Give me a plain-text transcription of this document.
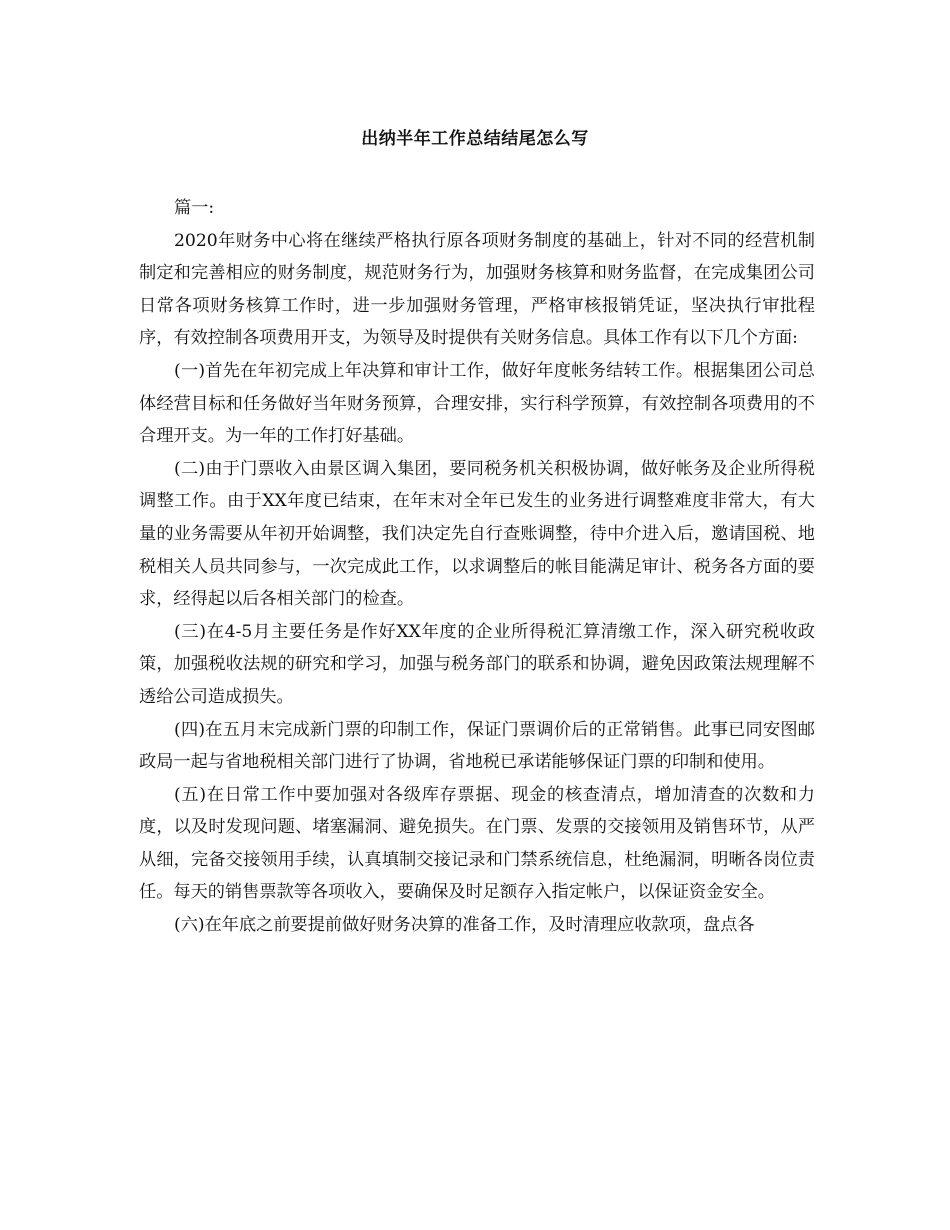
出纳半年工作总结结尾怎么写

篇一:

2020年财务中心将在继续严格执行原各项财务制度的基础上，针对不同的经营机制制定和完善相应的财务制度，规范财务行为，加强财务核算和财务监督，在完成集团公司日常各项财务核算工作时，进一步加强财务管理，严格审核报销凭证，坚决执行审批程序，有效控制各项费用开支，为领导及时提供有关财务信息。具体工作有以下几个方面:

(一)首先在年初完成上年决算和审计工作，做好年度帐务结转工作。根据集团公司总体经营目标和任务做好当年财务预算，合理安排，实行科学预算，有效控制各项费用的不合理开支。为一年的工作打好基础。

(二)由于门票收入由景区调入集团，要同税务机关积极协调，做好帐务及企业所得税调整工作。由于XX年度已结束，在年末对全年已发生的业务进行调整难度非常大，有大量的业务需要从年初开始调整，我们决定先自行查账调整，待中介进入后，邀请国税、地税相关人员共同参与，一次完成此工作，以求调整后的帐目能满足审计、税务各方面的要求，经得起以后各相关部门的检查。

(三)在4-5月主要任务是作好XX年度的企业所得税汇算清缴工作，深入研究税收政策，加强税收法规的研究和学习，加强与税务部门的联系和协调，避免因政策法规理解不透给公司造成损失。

(四)在五月末完成新门票的印制工作，保证门票调价后的正常销售。此事已同安图邮政局一起与省地税相关部门进行了协调，省地税已承诺能够保证门票的印制和使用。

(五)在日常工作中要加强对各级库存票据、现金的核查清点，增加清查的次数和力度，以及时发现问题、堵塞漏洞、避免损失。在门票、发票的交接领用及销售环节，从严从细，完备交接领用手续，认真填制交接记录和门禁系统信息，杜绝漏洞，明晰各岗位责任。每天的销售票款等各项收入，要确保及时足额存入指定帐户，以保证资金安全。

(六)在年底之前要提前做好财务决算的准备工作，及时清理应收款项，盘点各
